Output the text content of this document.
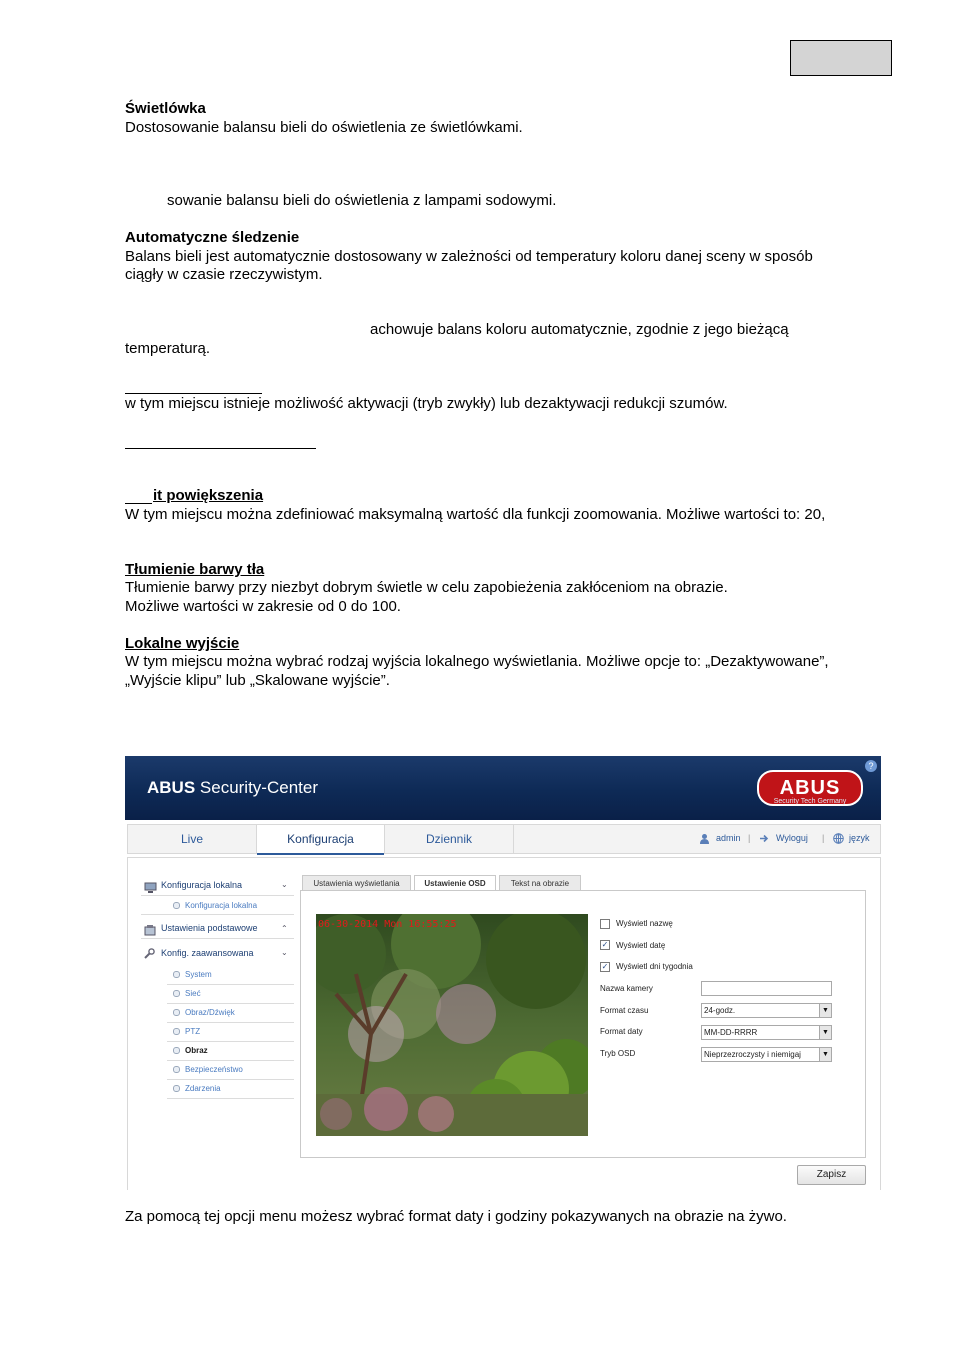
Świetlówka
Dostosowanie balansu bieli do oświetlenia ze świetlówkami.
sowanie balansu bieli do oświetlenia z lampami sodowymi.
Automatyczne śledzenie
Balans bieli jest automatycznie dostosowany w zależności od temperatury koloru danej sceny w sposób
ciągły w czasie rzeczywistym.
achowuje balans koloru automatycznie, zgodnie z jego bieżącą
temperaturą.
w tym miejscu istnieje możliwość aktywacji (tryb zwykły) lub dezaktywacji redukcji szumów.
it powiększenia
W tym miejscu można zdefiniować maksymalną wartość dla funkcji zoomowania. Możliwe wartości to: 20,
Tłumienie barwy tła
Tłumienie barwy przy niezbyt dobrym świetle w celu zapobieżenia zakłóceniom na obrazie.
Możliwe wartości w zakresie od 0 do 100.
Lokalne wyjście
W tym miejscu można wybrać rodzaj wyjścia lokalnego wyświetlania. Możliwe opcje to: „Dezaktywowane”,
„Wyjście klipu” lub „Skalowane wyjście”.
ABUS Security-Center	ABUS
Security Tech Germany
?
Live	Konfiguracja	Dziennik	admin |	Wyloguj |	język
Konfiguracja lokalna	⌄
Konfiguracja lokalna
Ustawienia podstawowe	⌃
Konfig. zaawansowana	⌄
System
Sieć
Obraz/Dźwięk
PTZ
Obraz
Bezpieczeństwo
Zdarzenia
Ustawienia wyświetlania	Ustawienie OSD	Tekst na obrazie
06-30-2014 Mon 16:55:25	Wyświetl nazwę
✓ Wyświetl datę
✓ Wyświetl dni tygodnia
Nazwa kamery
Format czasu	24-godz.	▼
Format daty	MM-DD-RRRR	▼
Tryb OSD	Nieprzezroczysty i niemigaj	▼
Zapisz
Za pomocą tej opcji menu możesz wybrać format daty i godziny pokazywanych na obrazie na żywo.
